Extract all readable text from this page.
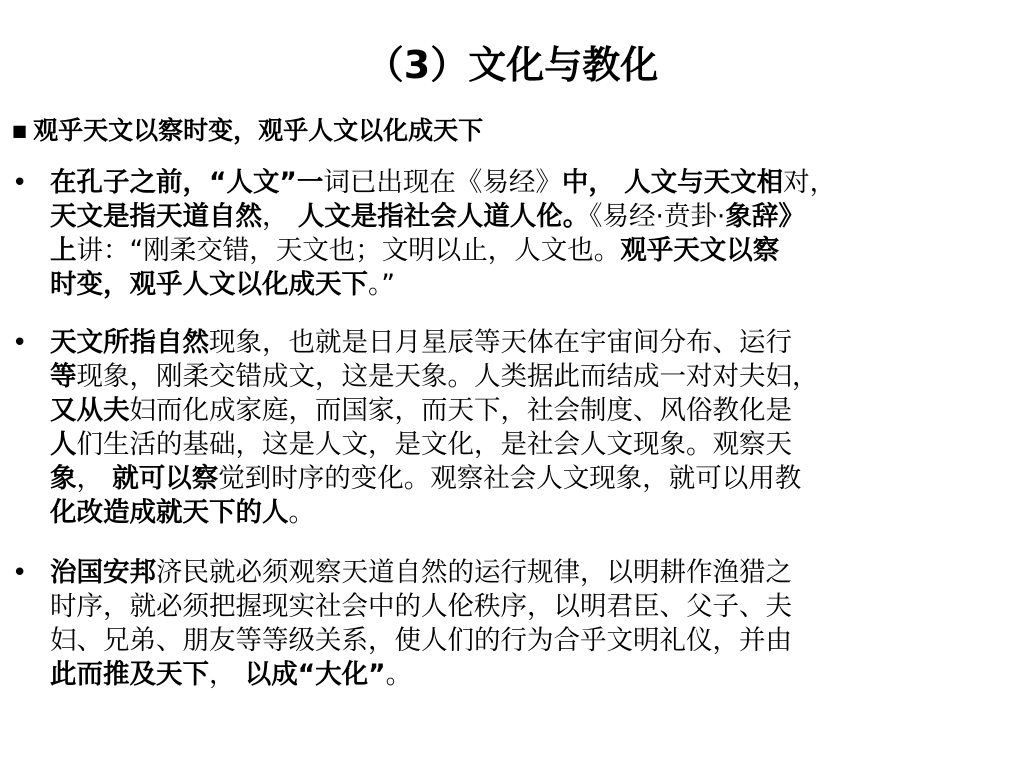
（3）文化与教化
■ 观乎天文以察时变，观乎人文以化成天下
• 在孔子之前，“人文”一词已出现在《易经》中， 人文与天文相对，
天文是指天道自然， 人文是指社会人道人伦。《易经·贲卦·象辞》
上讲：“刚柔交错，天文也；文明以止，人文也。观乎天文以察
时变，观乎人文以化成天下。”
• 天文所指自然现象，也就是日月星辰等天体在宇宙间分布、运行
等现象，刚柔交错成文，这是天象。人类据此而结成一对对夫妇，
又从夫妇而化成家庭，而国家，而天下，社会制度、风俗教化是
人们生活的基础，这是人文，是文化，是社会人文现象。观察天
象， 就可以察觉到时序的变化。观察社会人文现象，就可以用教
化改造成就天下的人。
• 治国安邦济民就必须观察天道自然的运行规律，以明耕作渔猎之
时序，就必须把握现实社会中的人伦秩序，以明君臣、父子、夫
妇、兄弟、朋友等等级关系，使人们的行为合乎文明礼仪，并由
此而推及天下， 以成“大化”。
